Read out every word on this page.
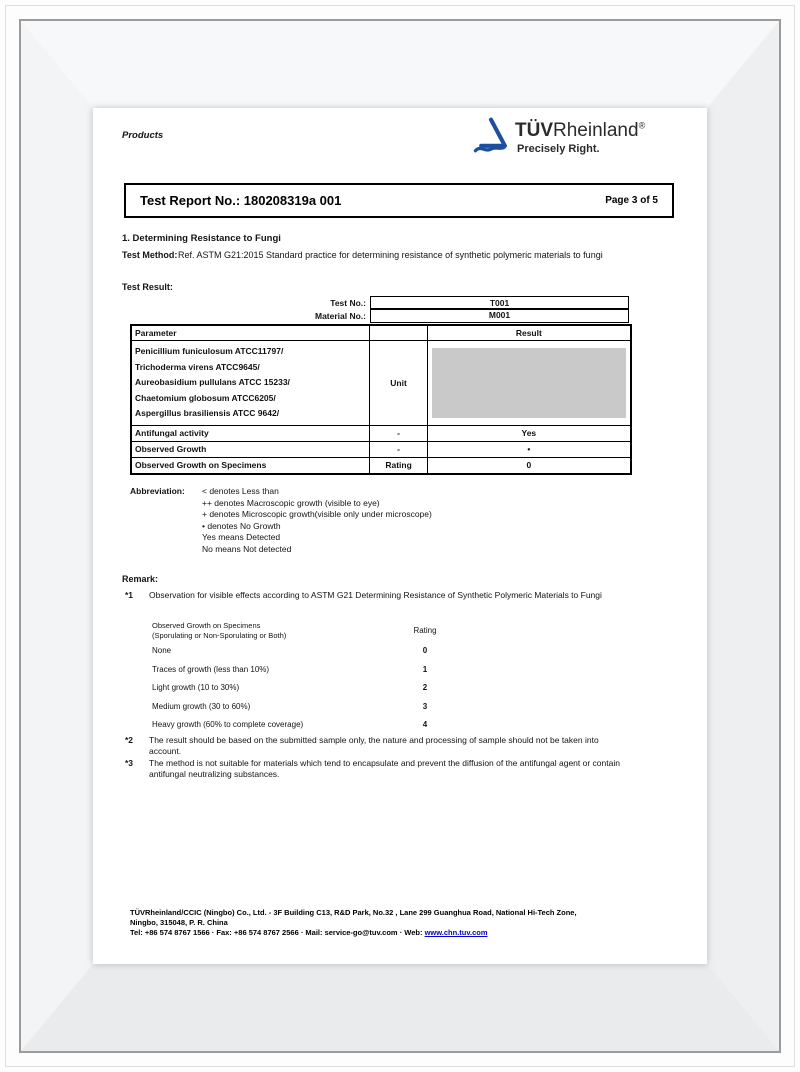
Products	TÜVRheinland®
Precisely Right.
Test Report No.: 180208319a 001	Page 3 of 5
1. Determining Resistance to Fungi
Test Method: Ref. ASTM G21:2015 Standard practice for determining resistance of synthetic polymeric materials to fungi
Test Result:
Test No.:	T001
Material No.:	M001
Parameter		Result

Penicillium funiculosum ATCC11797/
Trichoderma virens ATCC9645/
Aureobasidium pullulans ATCC 15233/
Chaetomium globosum ATCC6205/
Aspergillus brasiliensis ATCC 9642/	Unit	

Antifungal activity	-	Yes
Observed Growth	-	•
Observed Growth on Specimens	Rating	0
Abbreviation: < denotes Less than
++ denotes Macroscopic growth (visible to eye)
+ denotes Microscopic growth(visible only under microscope)
• denotes No Growth
Yes means Detected
No means Not detected
Remark:
*1 Observation for visible effects according to ASTM G21 Determining Resistance of Synthetic Polymeric Materials to Fungi
Observed Growth on Specimens
(Sporulating or Non-Sporulating or Both)	Rating
None	0
Traces of growth (less than 10%)	1
Light growth (10 to 30%)	2
Medium growth (30 to 60%)	3
Heavy growth (60% to complete coverage)	4
*2 The result should be based on the submitted sample only, the nature and processing of sample should not be taken into account.
*3 The method is not suitable for materials which tend to encapsulate and prevent the diffusion of the antifungal agent or contain antifungal neutralizing substances.
TÜVRheinland/CCIC (Ningbo) Co., Ltd. - 3F Building C13, R&D Park, No.32 , Lane 299 Guanghua Road, National Hi-Tech Zone,
Ningbo, 315048, P. R. China
Tel: +86 574 8767 1566 · Fax: +86 574 8767 2566 · Mail: service-go@tuv.com · Web: www.chn.tuv.com
